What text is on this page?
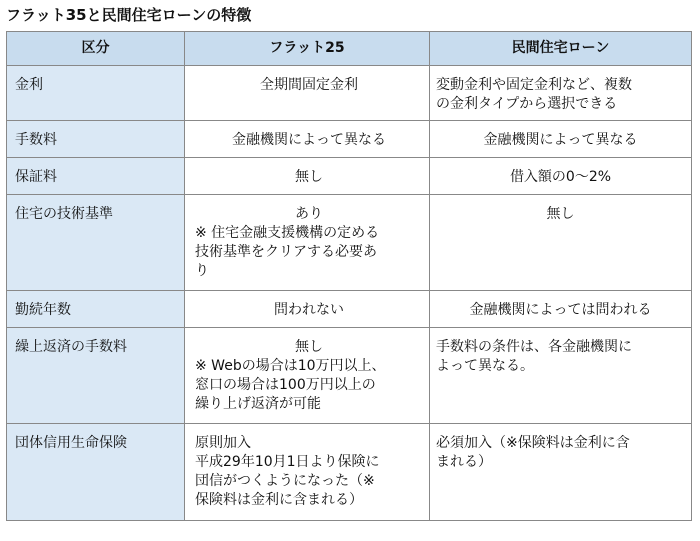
フラット35と民間住宅ローンの特徴
区分	フラット25	民間住宅ローン
金利	全期間固定金利	変動金利や固定金利など、複数
の金利タイプから選択できる
手数料	金融機関によって異なる	金融機関によって異なる

保証料	無し	借入額の0〜2%

住宅の技術基準	あり
※ 住宅金融支援機構の定める
技術基準をクリアする必要あ
り	無し

勤続年数	問われない	金融機関によっては問われる

繰上返済の手数料	無し
※ Webの場合は10万円以上、
窓口の場合は100万円以上の
繰り上げ返済が可能	手数料の条件は、各金融機関に
よって異なる。
団体信用生命保険	原則加入
平成29年10月1日より保険に
団信がつくようになった（※
保険料は金利に含まれる）	必須加入（※保険料は金利に含
まれる）
